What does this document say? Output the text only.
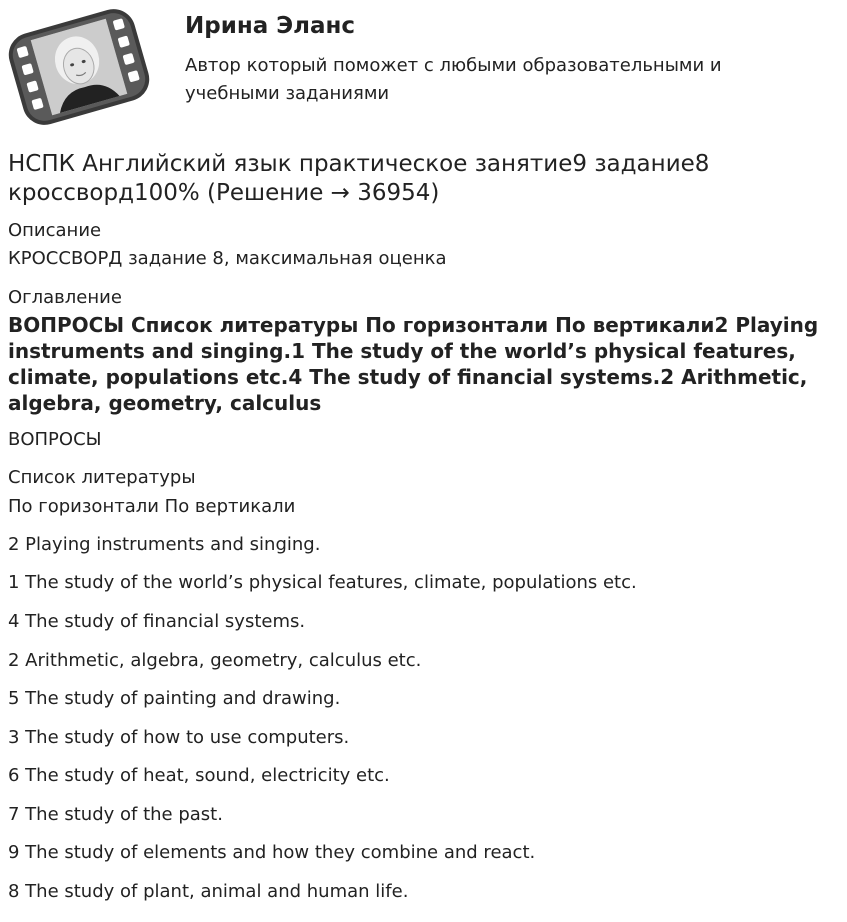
Ирина Эланс
Автор который поможет с любыми образовательными и учебными заданиями
НСПК Английский язык практическое занятие9 задание8 кроссворд100% (Решение → 36954)
Описание
КРОССВОРД задание 8, максимальная оценка
Оглавление
ВОПРОСЫ Список литературы По горизонтали По вертикали2 Playing instruments and singing.1 The study of the world’s physical features, climate, populations etc.4 The study of financial systems.2 Arithmetic, algebra, geometry, calculus
ВОПРОСЫ
Список литературы
По горизонтали По вертикали
2 Playing instruments and singing.
1 The study of the world’s physical features, climate, populations etc.
4 The study of financial systems.
2 Arithmetic, algebra, geometry, calculus etc.
5 The study of painting and drawing.
3 The study of how to use computers.
6 The study of heat, sound, electricity etc.
7 The study of the past.
9 The study of elements and how they combine and react.
8 The study of plant, animal and human life.
